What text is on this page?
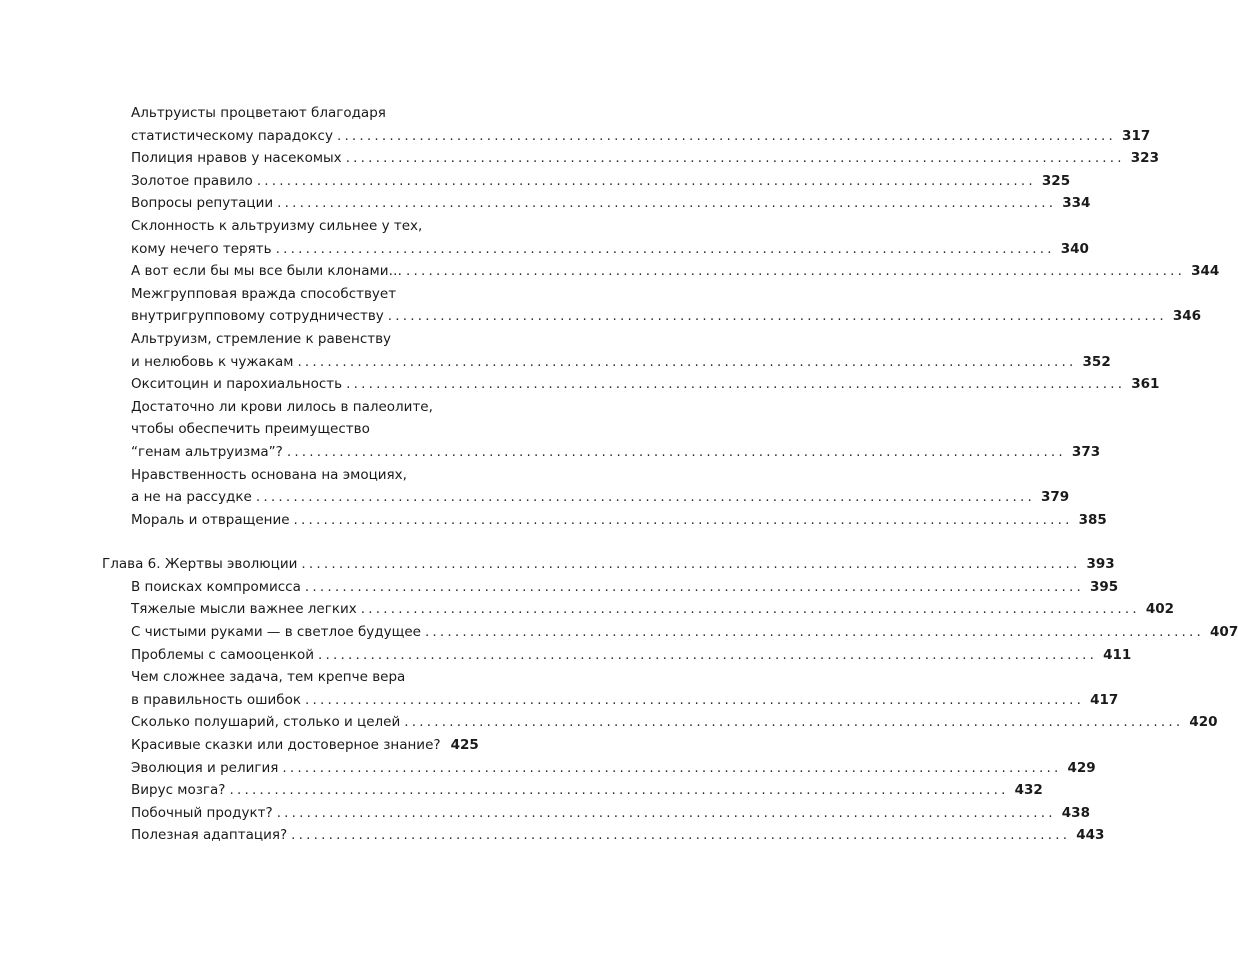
Альтруисты процветают благодаря
статистическому парадоксу ........................................................................................................ 317
Полиция нравов у насекомых ........................................................................................................ 323
Золотое правило ........................................................................................................ 325
Вопросы репутации ........................................................................................................ 334
Склонность к альтруизму сильнее у тех,
кому нечего терять ........................................................................................................ 340
А вот если бы мы все были клонами… ........................................................................................................ 344
Межгрупповая вражда способствует
внутригрупповому сотрудничеству ........................................................................................................ 346
Альтруизм, стремление к равенству
и нелюбовь к чужакам ........................................................................................................ 352
Окситоцин и парохиальность ........................................................................................................ 361
Достаточно ли крови лилось в палеолите,
чтобы обеспечить преимущество
“генам альтруизма”? ........................................................................................................ 373
Нравственность основана на эмоциях,
а не на рассудке ........................................................................................................ 379
Мораль и отвращение ........................................................................................................ 385
Глава 6. Жертвы эволюции ........................................................................................................ 393
В поисках компромисса ........................................................................................................ 395
Тяжелые мысли важнее легких ........................................................................................................ 402
С чистыми руками — в светлое будущее ........................................................................................................ 407
Проблемы с самооценкой ........................................................................................................ 411
Чем сложнее задача, тем крепче вера
в правильность ошибок ........................................................................................................ 417
Сколько полушарий, столько и целей ........................................................................................................ 420
Красивые сказки или достоверное знание? 425
Эволюция и религия ........................................................................................................ 429
Вирус мозга? ........................................................................................................ 432
Побочный продукт? ........................................................................................................ 438
Полезная адаптация? ........................................................................................................ 443
